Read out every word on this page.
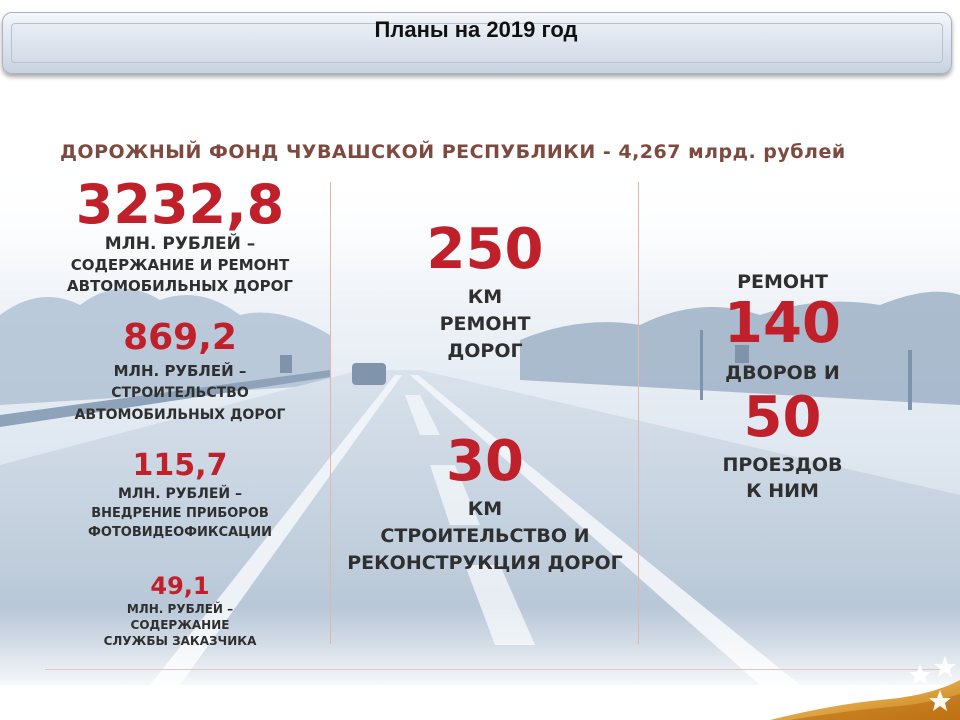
Планы на 2019 год
ДОРОЖНЫЙ ФОНД ЧУВАШСКОЙ РЕСПУБЛИКИ - 4,267 млрд. рублей
3232,8
МЛН. РУБЛЕЙ –
СОДЕРЖАНИЕ И РЕМОНТ
АВТОМОБИЛЬНЫХ ДОРОГ
869,2
МЛН. РУБЛЕЙ –
СТРОИТЕЛЬСТВО
АВТОМОБИЛЬНЫХ ДОРОГ
115,7
МЛН. РУБЛЕЙ –
ВНЕДРЕНИЕ ПРИБОРОВ
ФОТОВИДЕОФИКСАЦИИ
49,1
МЛН. РУБЛЕЙ –
СОДЕРЖАНИЕ
СЛУЖБЫ ЗАКАЗЧИКА
250
КМ
РЕМОНТ
ДОРОГ
30
КМ
СТРОИТЕЛЬСТВО И
РЕКОНСТРУКЦИЯ ДОРОГ
РЕМОНТ
140
ДВОРОВ И
50
ПРОЕЗДОВ
К НИМ
